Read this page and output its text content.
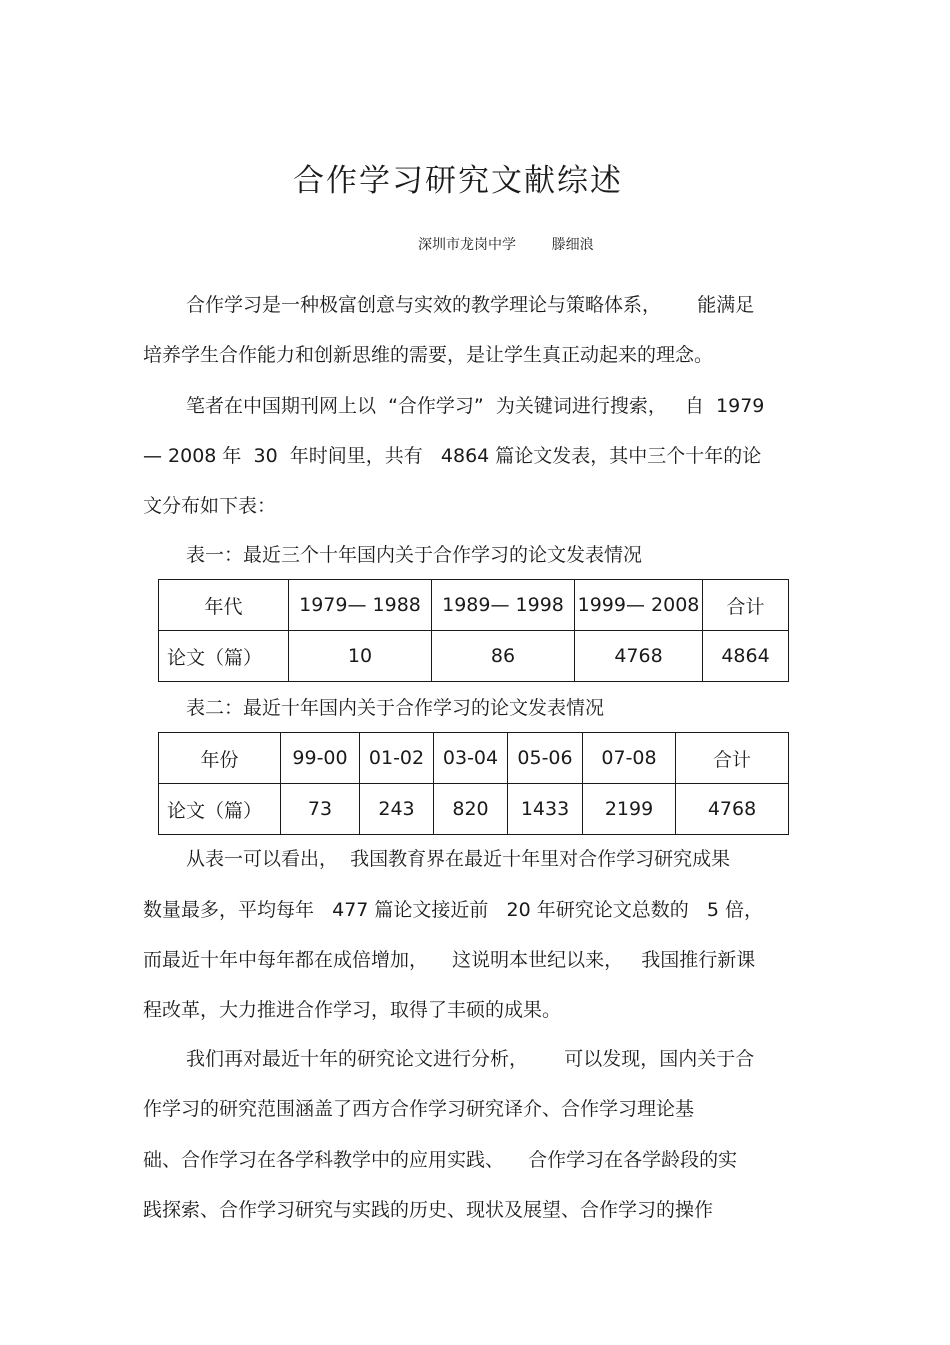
合作学习研究文献综述
深圳市龙岗中学        滕细浪
合作学习是一种极富创意与实效的教学理论与策略体系，      能满足
培养学生合作能力和创新思维的需要，是让学生真正动起来的理念。
笔者在中国期刊网上以  “合作学习”  为关键词进行搜索，   自  1979
— 2008 年  30  年时间里，共有   4864 篇论文发表，其中三个十年的论
文分布如下表：
表一：最近三个十年国内关于合作学习的论文发表情况
年代	1979— 1988	1989— 1998	1999— 2008	合计
论文（篇）	10	86	4768	4864
表二：最近十年国内关于合作学习的论文发表情况
年份	99-00	01-02	03-04	05-06	07-08	合计
论文（篇）	73	243	820	1433	2199	4768
从表一可以看出，  我国教育界在最近十年里对合作学习研究成果
数量最多，平均每年   477 篇论文接近前   20 年研究论文总数的   5 倍，
而最近十年中每年都在成倍增加，    这说明本世纪以来，   我国推行新课
程改革，大力推进合作学习，取得了丰硕的成果。
我们再对最近十年的研究论文进行分析，      可以发现，国内关于合
作学习的研究范围涵盖了西方合作学习研究译介、合作学习理论基
础、合作学习在各学科教学中的应用实践、    合作学习在各学龄段的实
践探索、合作学习研究与实践的历史、现状及展望、合作学习的操作
